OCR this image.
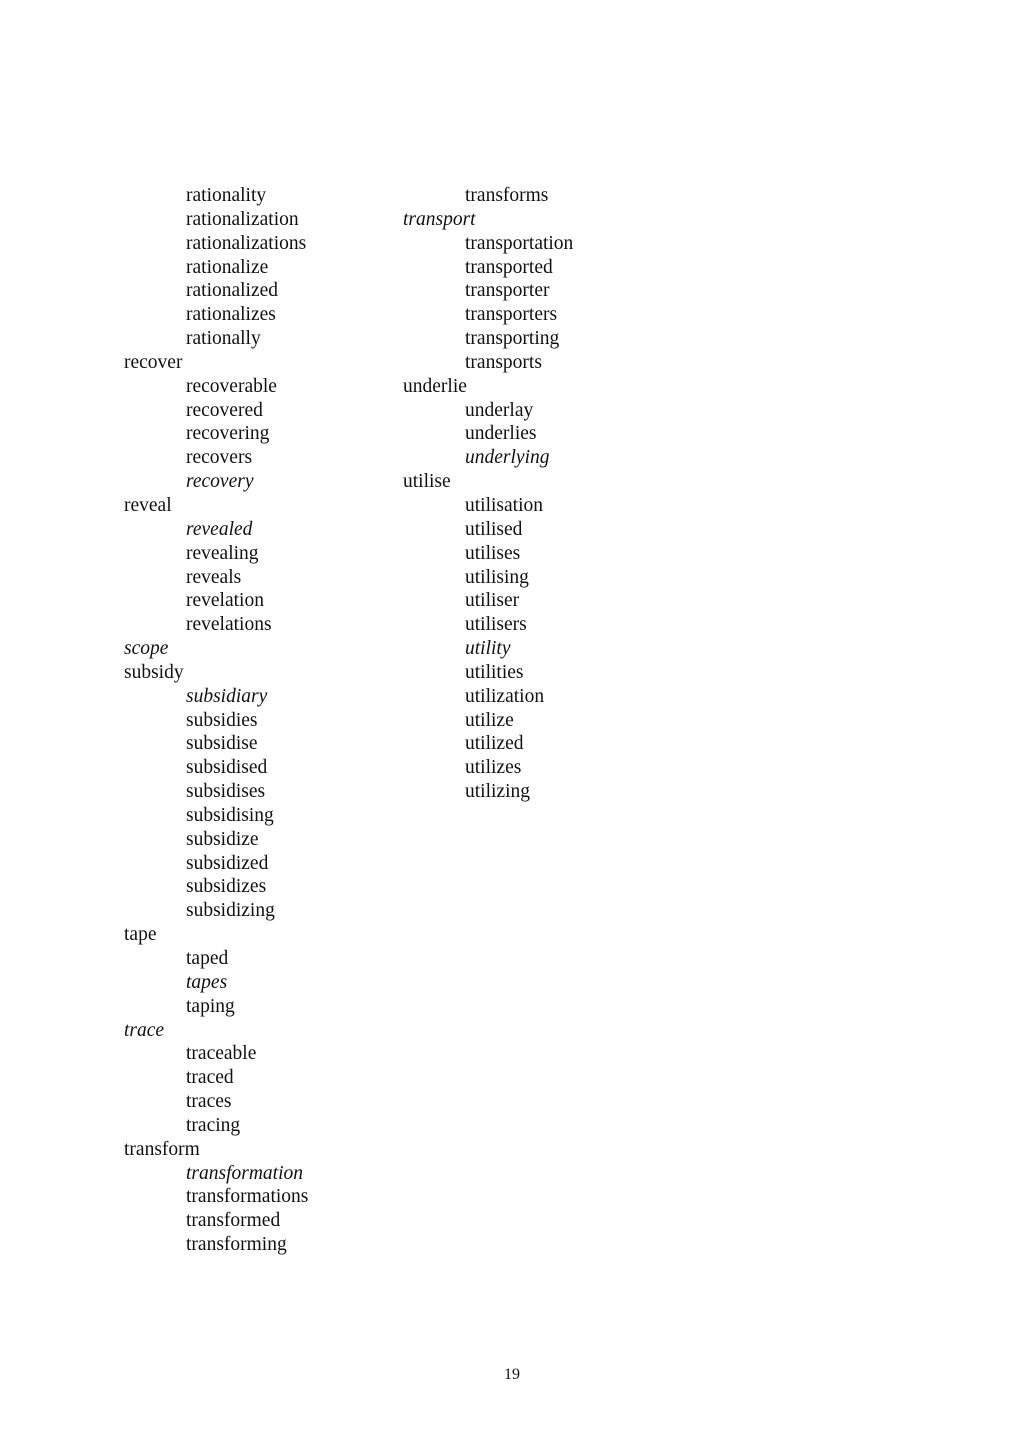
rationality
rationalization
rationalizations
rationalize
rationalized
rationalizes
rationally
recover
recoverable
recovered
recovering
recovers
recovery
reveal
revealed
revealing
reveals
revelation
revelations
scope
subsidy
subsidiary
subsidies
subsidise
subsidised
subsidises
subsidising
subsidize
subsidized
subsidizes
subsidizing
tape
taped
tapes
taping
trace
traceable
traced
traces
tracing
transform
transformation
transformations
transformed
transforming
transforms
transport
transportation
transported
transporter
transporters
transporting
transports
underlie
underlay
underlies
underlying
utilise
utilisation
utilised
utilises
utilising
utiliser
utilisers
utility
utilities
utilization
utilize
utilized
utilizes
utilizing
19
